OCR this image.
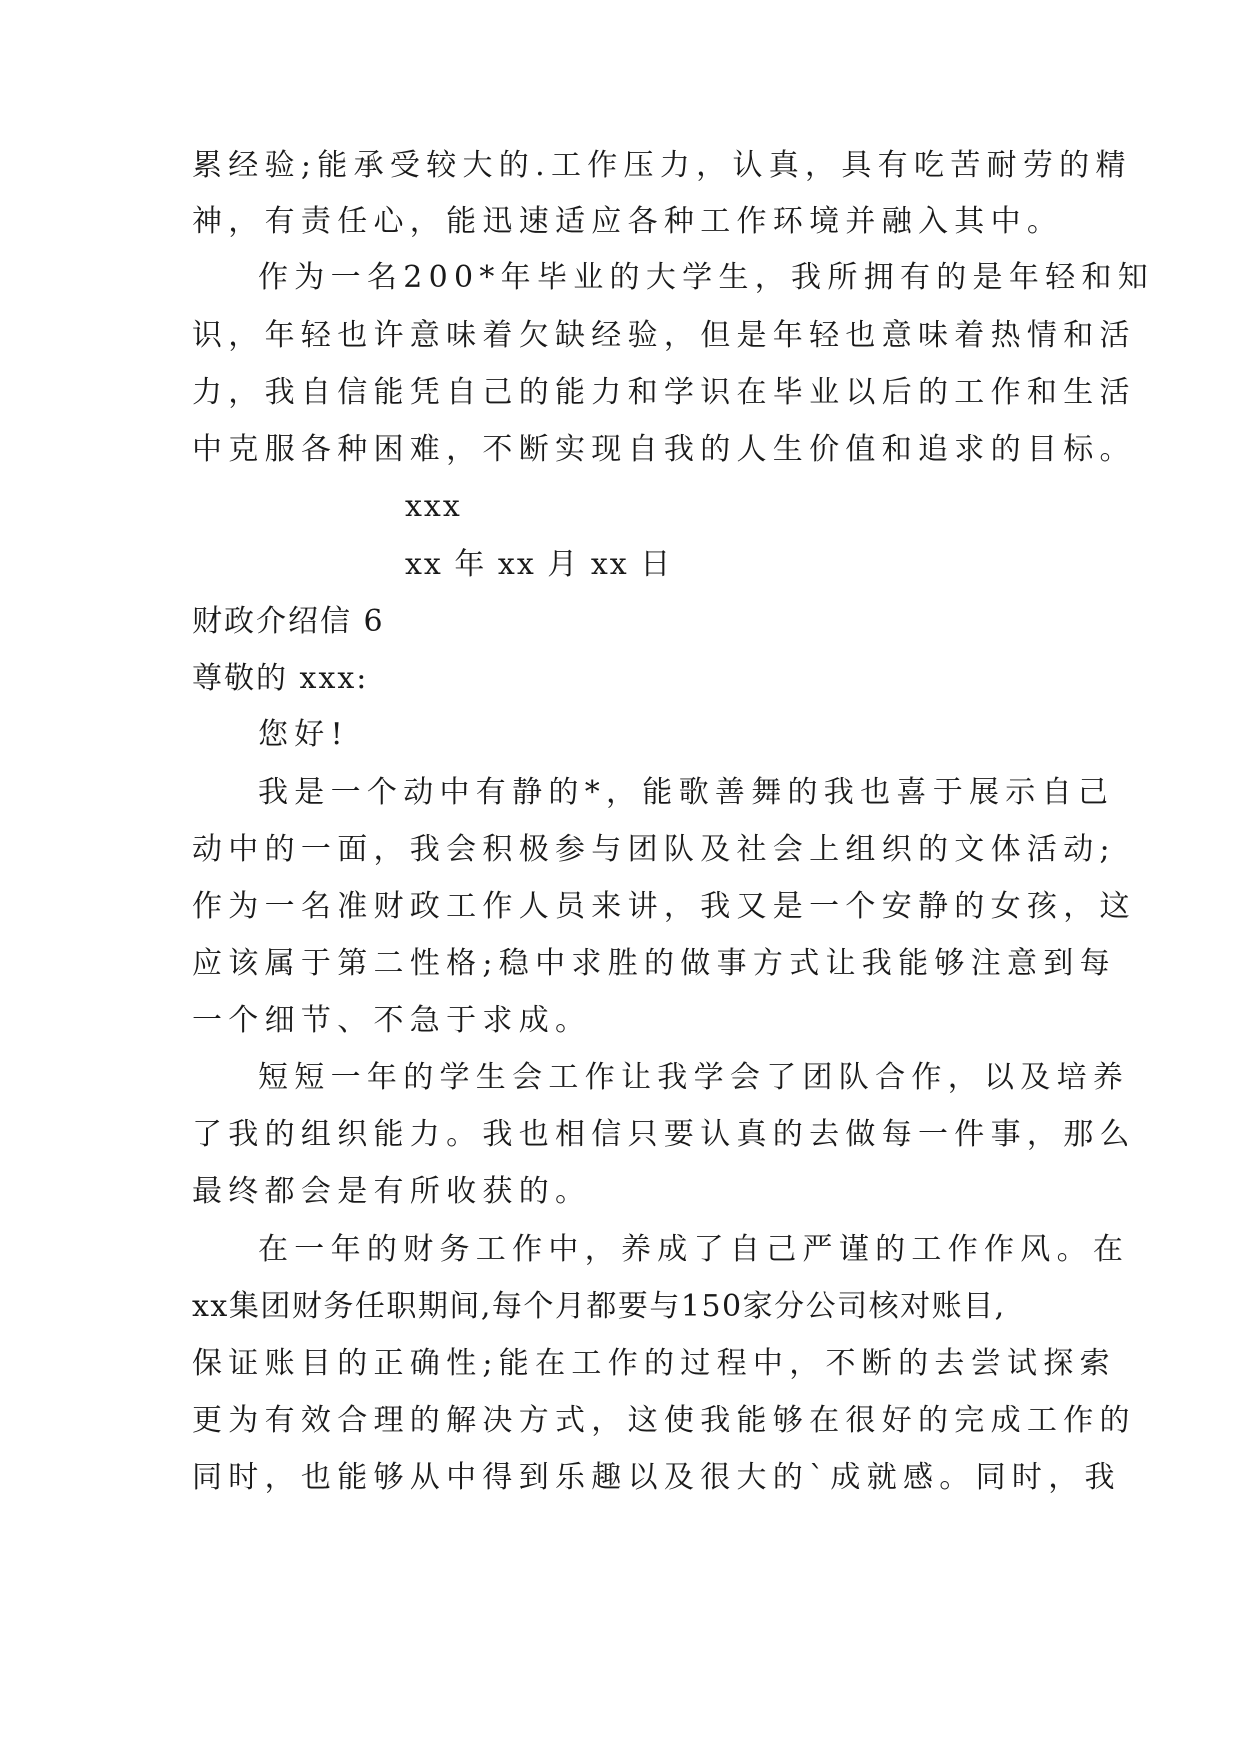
累经验;能承受较大的.工作压力，认真，具有吃苦耐劳的精
神，有责任心，能迅速适应各种工作环境并融入其中。
作为一名200*年毕业的大学生，我所拥有的是年轻和知
识，年轻也许意味着欠缺经验，但是年轻也意味着热情和活
力，我自信能凭自己的能力和学识在毕业以后的工作和生活
中克服各种困难，不断实现自我的人生价值和追求的目标。
xxx
xx 年 xx 月 xx 日
财政介绍信 6
尊敬的 xxx:
您好!
我是一个动中有静的*，能歌善舞的我也喜于展示自己
动中的一面，我会积极参与团队及社会上组织的文体活动;
作为一名准财政工作人员来讲，我又是一个安静的女孩，这
应该属于第二性格;稳中求胜的做事方式让我能够注意到每
一个细节、不急于求成。
短短一年的学生会工作让我学会了团队合作，以及培养
了我的组织能力。我也相信只要认真的去做每一件事，那么
最终都会是有所收获的。
在一年的财务工作中，养成了自己严谨的工作作风。在
xx集团财务任职期间,每个月都要与150家分公司核对账目,
保证账目的正确性;能在工作的过程中，不断的去尝试探索
更为有效合理的解决方式，这使我能够在很好的完成工作的
同时，也能够从中得到乐趣以及很大的`成就感。同时，我
